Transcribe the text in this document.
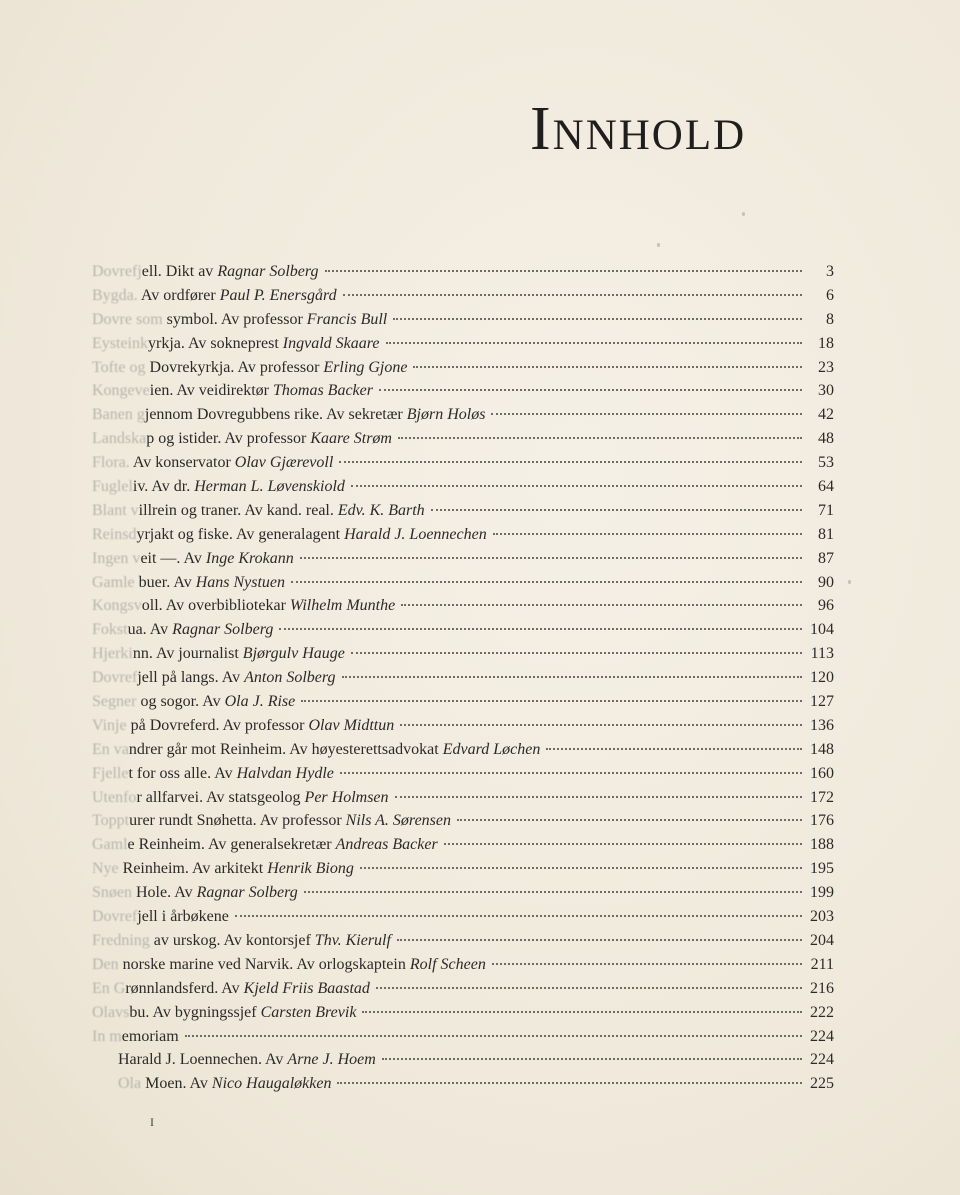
Innhold
Dovrefjell. Dikt av Ragnar Solberg	3
Bygda. Av ordfører Paul P. Enersgård	6
Dovre som symbol. Av professor Francis Bull	8
Eysteinkyrkja. Av sokneprest Ingvald Skaare	18
Tofte og Dovrekyrkja. Av professor Erling Gjone	23
Kongeveien. Av veidirektør Thomas Backer	30
Banen gjennom Dovregubbens rike. Av sekretær Bjørn Holøs	42
Landskap og istider. Av professor Kaare Strøm	48
Flora. Av konservator Olav Gjærevoll	53
Fugleliv. Av dr. Herman L. Løvenskiold	64
Blant villrein og traner. Av kand. real. Edv. K. Barth	71
Reinsdyrjakt og fiske. Av generalagent Harald J. Loennechen	81
Ingen veit —. Av Inge Krokann	87
Gamle buer. Av Hans Nystuen	90
Kongsvoll. Av overbibliotekar Wilhelm Munthe	96
Fokstua. Av Ragnar Solberg	104
Hjerkinn. Av journalist Bjørgulv Hauge	113
Dovrefjell på langs. Av Anton Solberg	120
Segner og sogor. Av Ola J. Rise	127
Vinje på Dovreferd. Av professor Olav Midttun	136
En vandrer går mot Reinheim. Av høyesterettsadvokat Edvard Løchen	148
Fjellet for oss alle. Av Halvdan Hydle	160
Utenfor allfarvei. Av statsgeolog Per Holmsen	172
Toppturer rundt Snøhetta. Av professor Nils A. Sørensen	176
Gamle Reinheim. Av generalsekretær Andreas Backer	188
Nye Reinheim. Av arkitekt Henrik Biong	195
Snøen Hole. Av Ragnar Solberg	199
Dovrefjell i årbøkene	203
Fredning av urskog. Av kontorsjef Thv. Kierulf	204
Den norske marine ved Narvik. Av orlogskaptein Rolf Scheen	211
En Grønnlandsferd. Av Kjeld Friis Baastad	216
Olavsbu. Av bygningssjef Carsten Brevik	222
In memoriam	224
Harald J. Loennechen. Av Arne J. Hoem	224
Ola Moen. Av Nico Haugaløkken	225
I
